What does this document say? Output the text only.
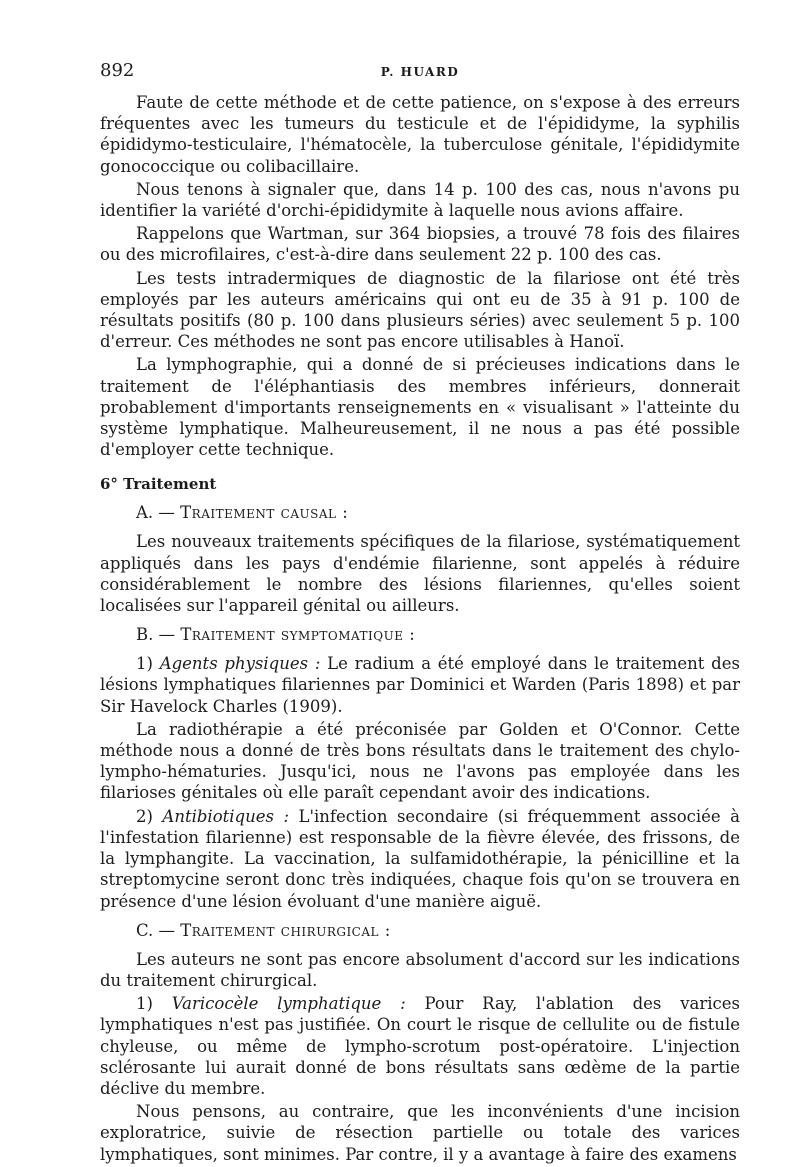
892	P. HUARD

Faute de cette méthode et de cette patience, on s'expose à des erreurs fréquentes avec les tumeurs du testicule et de l'épididyme, la syphilis épididymo-testiculaire, l'hématocèle, la tuberculose génitale, l'épididymite gonococcique ou colibacillaire.

Nous tenons à signaler que, dans 14 p. 100 des cas, nous n'avons pu identifier la variété d'orchi-épididymite à laquelle nous avions affaire.

Rappelons que Wartman, sur 364 biopsies, a trouvé 78 fois des filaires ou des microfilaires, c'est-à-dire dans seulement 22 p. 100 des cas.

Les tests intradermiques de diagnostic de la filariose ont été très employés par les auteurs américains qui ont eu de 35 à 91 p. 100 de résultats positifs (80 p. 100 dans plusieurs séries) avec seulement 5 p. 100 d'erreur. Ces méthodes ne sont pas encore utilisables à Hanoï.

La lymphographie, qui a donné de si précieuses indications dans le traitement de l'éléphantiasis des membres inférieurs, donnerait probablement d'importants renseignements en « visualisant » l'atteinte du système lymphatique. Malheureusement, il ne nous a pas été possible d'employer cette technique.

6° Traitement
A. — Traitement causal :

Les nouveaux traitements spécifiques de la filariose, systématiquement appliqués dans les pays d'endémie filarienne, sont appelés à réduire considérablement le nombre des lésions filariennes, qu'elles soient localisées sur l'appareil génital ou ailleurs.

B. — Traitement symptomatique :

1) Agents physiques : Le radium a été employé dans le traitement des lésions lymphatiques filariennes par Dominici et Warden (Paris 1898) et par Sir Havelock Charles (1909).

La radiothérapie a été préconisée par Golden et O'Connor. Cette méthode nous a donné de très bons résultats dans le traitement des chylo-lympho-hématuries. Jusqu'ici, nous ne l'avons pas employée dans les filarioses génitales où elle paraît cependant avoir des indications.

2) Antibiotiques : L'infection secondaire (si fréquemment associée à l'infestation filarienne) est responsable de la fièvre élevée, des frissons, de la lymphangite. La vaccination, la sulfamidothérapie, la pénicilline et la streptomycine seront donc très indiquées, chaque fois qu'on se trouvera en présence d'une lésion évoluant d'une manière aiguë.

C. — Traitement chirurgical :

Les auteurs ne sont pas encore absolument d'accord sur les indications du traitement chirurgical.

1) Varicocèle lymphatique : Pour Ray, l'ablation des varices lymphatiques n'est pas justifiée. On court le risque de cellulite ou de fistule chyleuse, ou même de lympho-scrotum post-opératoire. L'injection sclérosante lui aurait donné de bons résultats sans œdème de la partie déclive du membre.

Nous pensons, au contraire, que les inconvénients d'une incision exploratrice, suivie de résection partielle ou totale des varices lymphatiques, sont minimes. Par contre, il y a avantage à faire des examens
